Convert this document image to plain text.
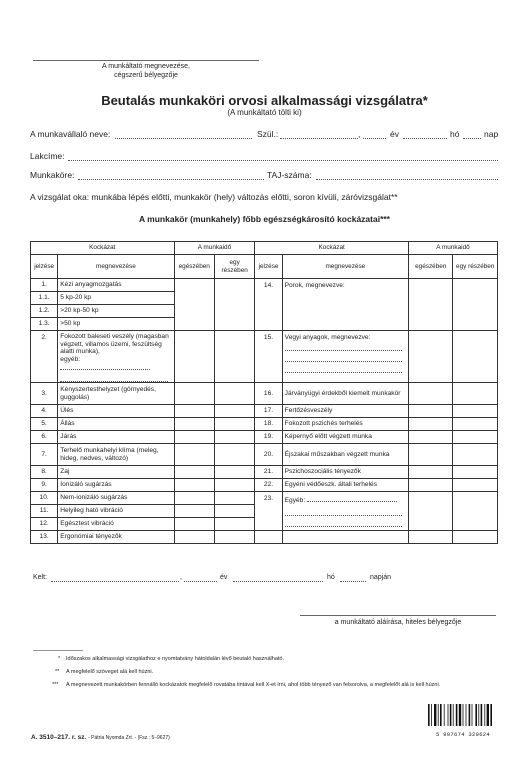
A munkáltató megnevezése,
cégszerű bélyegzője
Beutalás munkaköri orvosi alkalmassági vizsgálatra*
(A munkáltató tölti ki)
A munkavállaló neve:	Szül.:	,	év	hó	nap
Lakcíme:
Munkaköre:	TAJ-száma:
A vizsgálat oka: munkába lépés előtti, munkakör (hely) változás előtti, soron kívüli, záróvizsgálat**
A munkakör (munkahely) főbb egészségkárosító kockázatai***
Kockázat		A munkaidő		Kockázat		A munkaidő	
jelzése	megnevezése	egészében	egy részében	jelzése	megnevezése	egészében	egy részében
1.	Kézi anyagmozgatás			14.	Porok, megnevezve:		
1.1.	5 kp-20 kp						
1.2.	>20 kp-50 kp						
1.3.	>50 kp						
2.	Fokozott baleseti veszély (magasban végzett, villamos üzemi, feszültség alatti munka),
egyéb:			15.	Vegyi anyagok, megnevezve:

3.	Kényszertesthelyzet (görnyedés, guggolás)			16.	Járványügyi érdekből kiemelt munkakör		
4.	Ülés			17.	Fertőzésveszély		
5.	Állás			18.	Fokozott pszichés terhelés		
6.	Járás			19.	Képernyő előtt végzett munka		
7.	Terhelő munkahelyi klíma (meleg, hideg, nedves, változó)			20.	Éjszakai műszakban végzett munka		
8.	Zaj			21.	Pszichoszociális tényezők		
9.	Ionizáló sugárzás			22.	Egyéni védőeszk. általi terhelés		
10.	Nem-ionizáló sugárzás			23.	Egyéb:

11.	Helyileg ható vibráció						
12.	Egésztest vibráció						
13.	Ergonómiai tényezők						
Kelt:	,	év	hó	napján
a munkáltató aláírása, hiteles bélyegzője
* Időszakos alkalmassági vizsgálathoz e nyomtatvány hátoldalán lévő beutaló használható.
** A megfelelő szöveget alá kell húzni.
*** A megnevezett munkakörben fennálló kockázatok megfelelő rovatába tintával kell X-et írni, ahol több tényező van felsorolva, a megfelelőt alá is kell húzni.
A. 3510–217. r. sz. - Pátria Nyomda Zrt. - (Fsz.: 5–9627)	5 997674 320624
